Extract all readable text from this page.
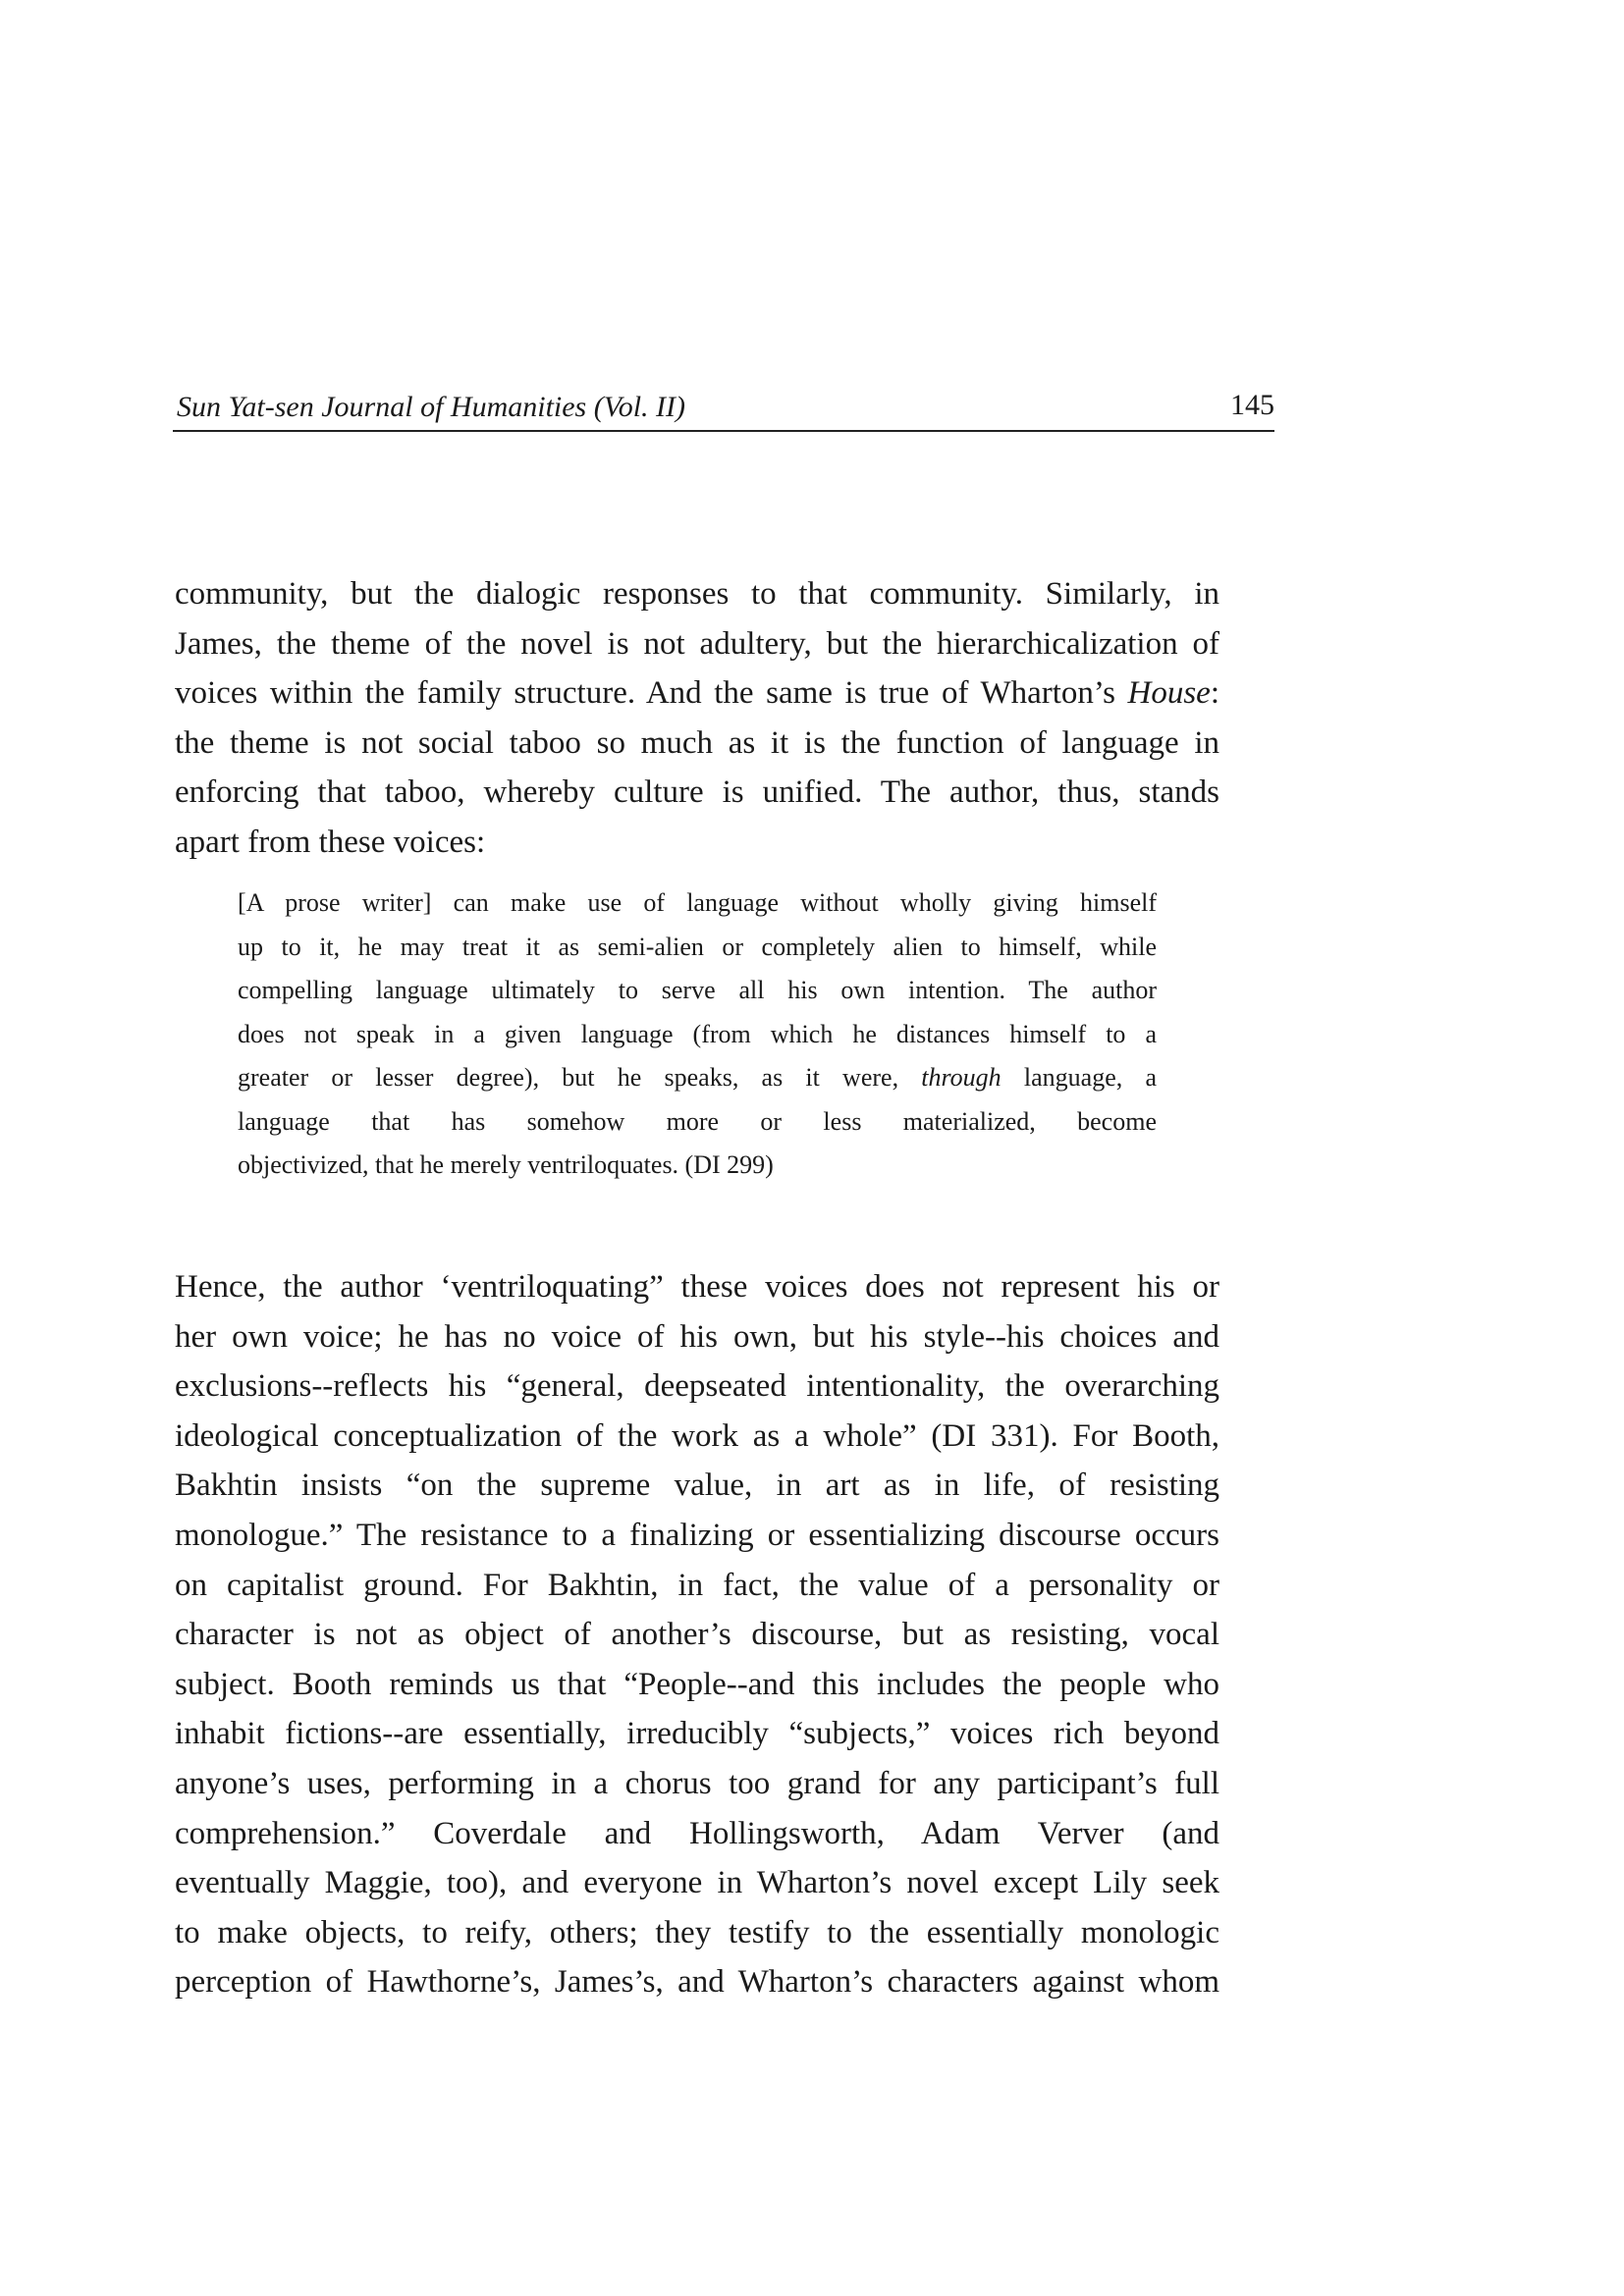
Sun Yat-sen Journal of Humanities (Vol. II)	145
community, but the dialogic responses to that community. Similarly, in
James, the theme of the novel is not adultery, but the hierarchicalization of
voices within the family structure. And the same is true of Wharton’s House:
the theme is not social taboo so much as it is the function of language in
enforcing that taboo, whereby culture is unified. The author, thus, stands
apart from these voices:
[A prose writer] can make use of language without wholly giving himself
up to it, he may treat it as semi-alien or completely alien to himself, while
compelling language ultimately to serve all his own intention. The author
does not speak in a given language (from which he distances himself to a
greater or lesser degree), but he speaks, as it were, through language, a
language that has somehow more or less materialized, become
objectivized, that he merely ventriloquates. (DI 299)
Hence, the author ‘ventriloquating” these voices does not represent his or
her own voice; he has no voice of his own, but his style--his choices and
exclusions--reflects his “general, deepseated intentionality, the overarching
ideological conceptualization of the work as a whole” (DI 331). For Booth,
Bakhtin insists “on the supreme value, in art as in life, of resisting
monologue.” The resistance to a finalizing or essentializing discourse occurs
on capitalist ground. For Bakhtin, in fact, the value of a personality or
character is not as object of another’s discourse, but as resisting, vocal
subject. Booth reminds us that “People--and this includes the people who
inhabit fictions--are essentially, irreducibly “subjects,” voices rich beyond
anyone’s uses, performing in a chorus too grand for any participant’s full
comprehension.” Coverdale and Hollingsworth, Adam Verver (and
eventually Maggie, too), and everyone in Wharton’s novel except Lily seek
to make objects, to reify, others; they testify to the essentially monologic
perception of Hawthorne’s, James’s, and Wharton’s characters against whom
